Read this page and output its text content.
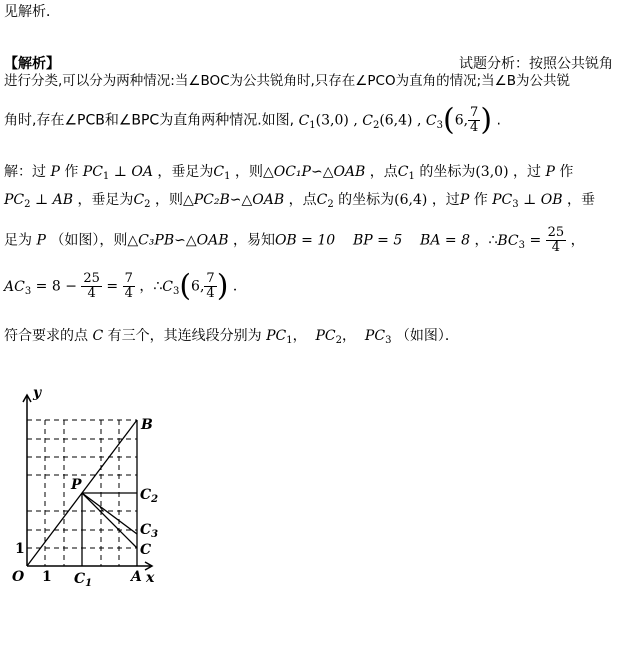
见解析．
【解析】	试题分析：按照公共锐角
进行分类,可以分为两种情况:当∠BOC为公共锐角时,只存在∠PCO为直角的情况;当∠B为公共锐
角时,存在∠PCB和∠BPC为直角两种情况.如图, $C_1(3,0)$ , $C_2(6,4)$ , $C_3(6$, $\frac{7}{4}$ ) .
解：过 P 作 $PC_1$ ⊥ OA ，垂足为$C_1$ ，则△OC₁P∽△OAB ，点$C_1$ 的坐标为(3,0) ，过 P 作
$PC_2$ ⊥ AB ，垂足为$C_2$ ，则△PC₂B∽△OAB ，点$C_2$ 的坐标为(6,4) ，过P 作 $PC_3$ ⊥ OB ，垂
足为 P （如图），则△C₃PB∽△OAB ，易知OB = 10 BP = 5 BA = 8 ，$\therefore BC_3 = \frac{25}{4}$ ，
$AC_3 = 8 - \frac{25}{4} = \frac{7}{4}$ ，$\therefore C_3(6$, $\frac{7}{4}$ ) ．
符合要求的点 C 有三个，其连线段分别为 $PC_1$，  $PC_2$，  $PC_3$ （如图）．
y
x
O 1
1
$C_1$	A
B
P
$C_2$
$C_3$
C
